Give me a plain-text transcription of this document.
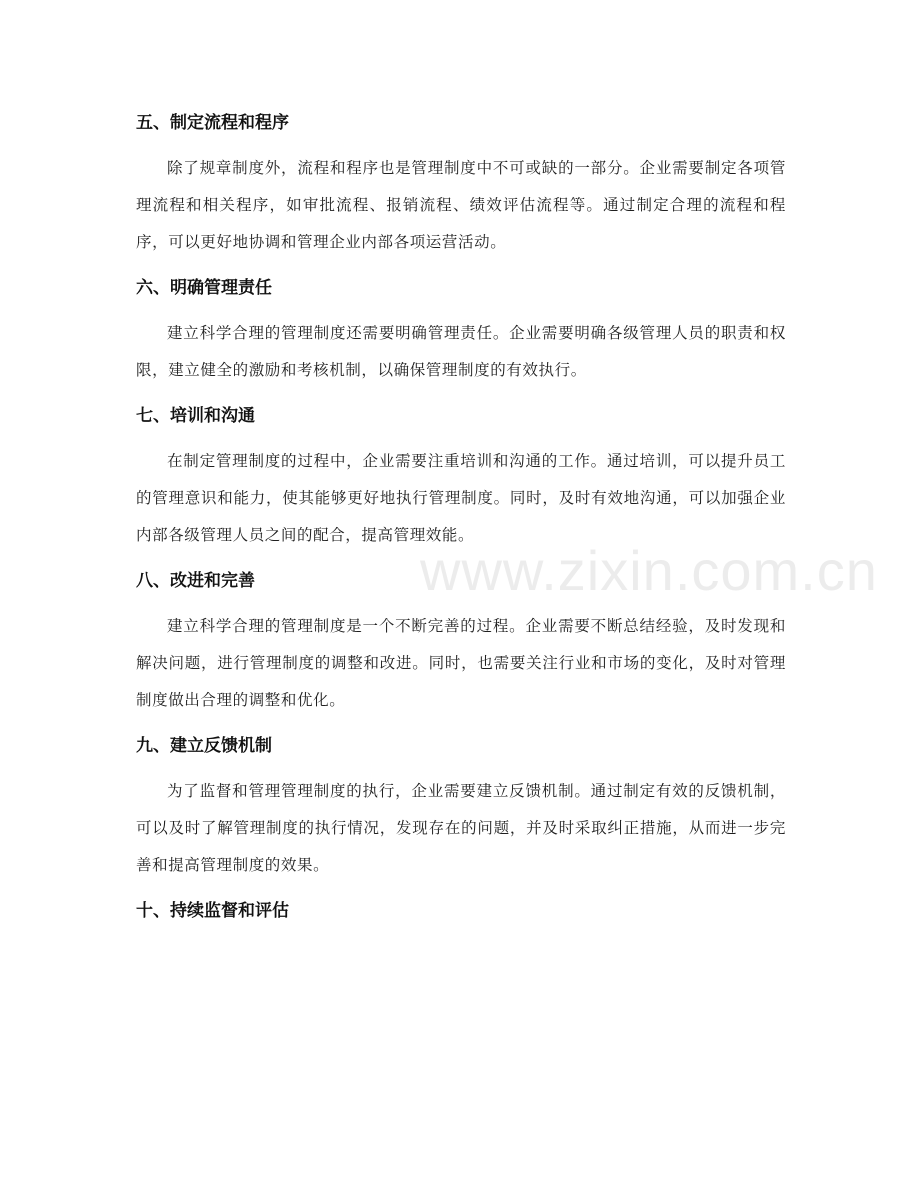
五、制定流程和程序

除了规章制度外，流程和程序也是管理制度中不可或缺的一部分。企业需要制定各项管理流程和相关程序，如审批流程、报销流程、绩效评估流程等。通过制定合理的流程和程序，可以更好地协调和管理企业内部各项运营活动。

六、明确管理责任

建立科学合理的管理制度还需要明确管理责任。企业需要明确各级管理人员的职责和权限，建立健全的激励和考核机制，以确保管理制度的有效执行。

七、培训和沟通

在制定管理制度的过程中，企业需要注重培训和沟通的工作。通过培训，可以提升员工的管理意识和能力，使其能够更好地执行管理制度。同时，及时有效地沟通，可以加强企业内部各级管理人员之间的配合，提高管理效能。

八、改进和完善

建立科学合理的管理制度是一个不断完善的过程。企业需要不断总结经验，及时发现和解决问题，进行管理制度的调整和改进。同时，也需要关注行业和市场的变化，及时对管理制度做出合理的调整和优化。

九、建立反馈机制

为了监督和管理管理制度的执行，企业需要建立反馈机制。通过制定有效的反馈机制，可以及时了解管理制度的执行情况，发现存在的问题，并及时采取纠正措施，从而进一步完善和提高管理制度的效果。

十、持续监督和评估
www.zixin.com.cn
